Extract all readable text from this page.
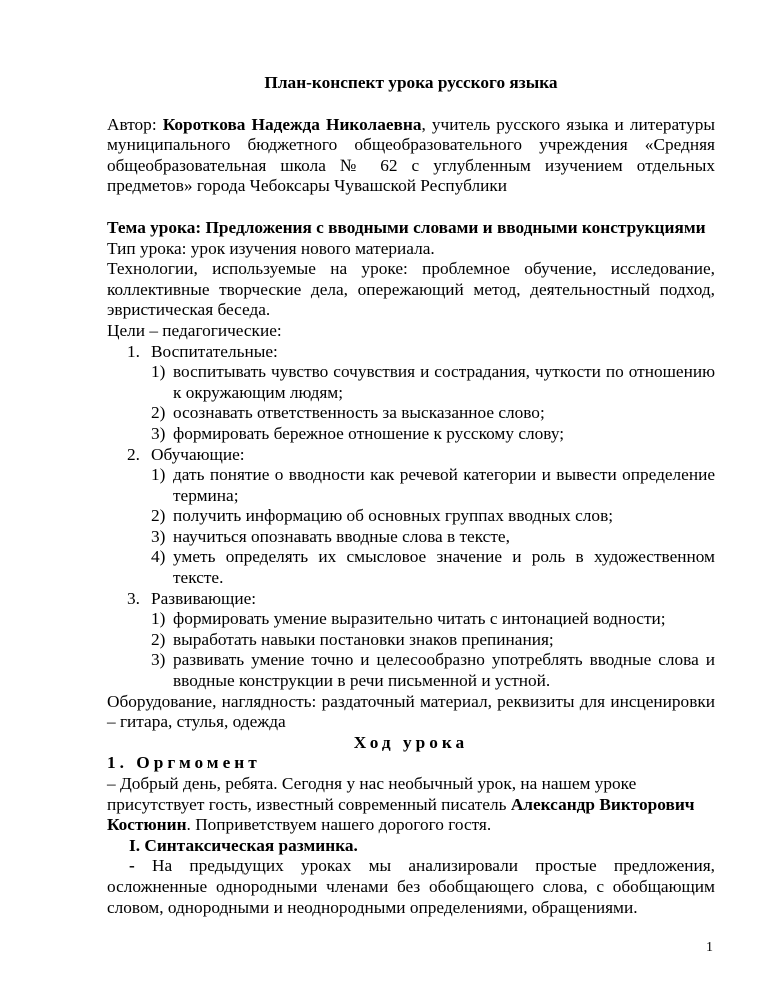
План-конспект урока русского языка

Автор: Короткова Надежда Николаевна, учитель русского языка и литературы муниципального бюджетного общеобразовательного учреждения «Средняя общеобразовательная школа № 62 с углубленным изучением отдельных предметов» города Чебоксары Чувашской Республики

Тема урока: Предложения с вводными словами и вводными конструкциями

Тип урока: урок изучения нового материала.

Технологии, используемые на уроке: проблемное обучение, исследование, коллективные творческие дела, опережающий метод, деятельностный подход, эвристическая беседа.

Цели – педагогические:

1. Воспитательные:
1) воспитывать чувство сочувствия и сострадания, чуткости по отношению к окружающим людям;
2) осознавать ответственность за высказанное слово;
3) формировать бережное отношение к русскому слову;
2. Обучающие:
1) дать понятие о вводности как речевой категории и вывести определение термина;
2) получить информацию об основных группах вводных слов;
3) научиться опознавать вводные слова в тексте,
4) уметь определять их смысловое значение и роль в художественном тексте.
3. Развивающие:
1) формировать умение выразительно читать с интонацией водности;
2) выработать навыки постановки знаков препинания;
3) развивать умение точно и целесообразно употреблять вводные слова и вводные конструкции в речи письменной и устной.

Оборудование, наглядность: раздаточный материал, реквизиты для инсценировки – гитара, стулья, одежда

Ход урока

1. Оргмомент

– Добрый день, ребята. Сегодня у нас необычный урок, на нашем уроке присутствует гость, известный современный писатель Александр Викторович Костюнин. Поприветствуем нашего дорогого гостя.

I. Синтаксическая разминка.

- На предыдущих уроках мы анализировали простые предложения, осложненные однородными членами без обобщающего слова, с обобщающим словом, однородными и неоднородными определениями, обращениями.

1
